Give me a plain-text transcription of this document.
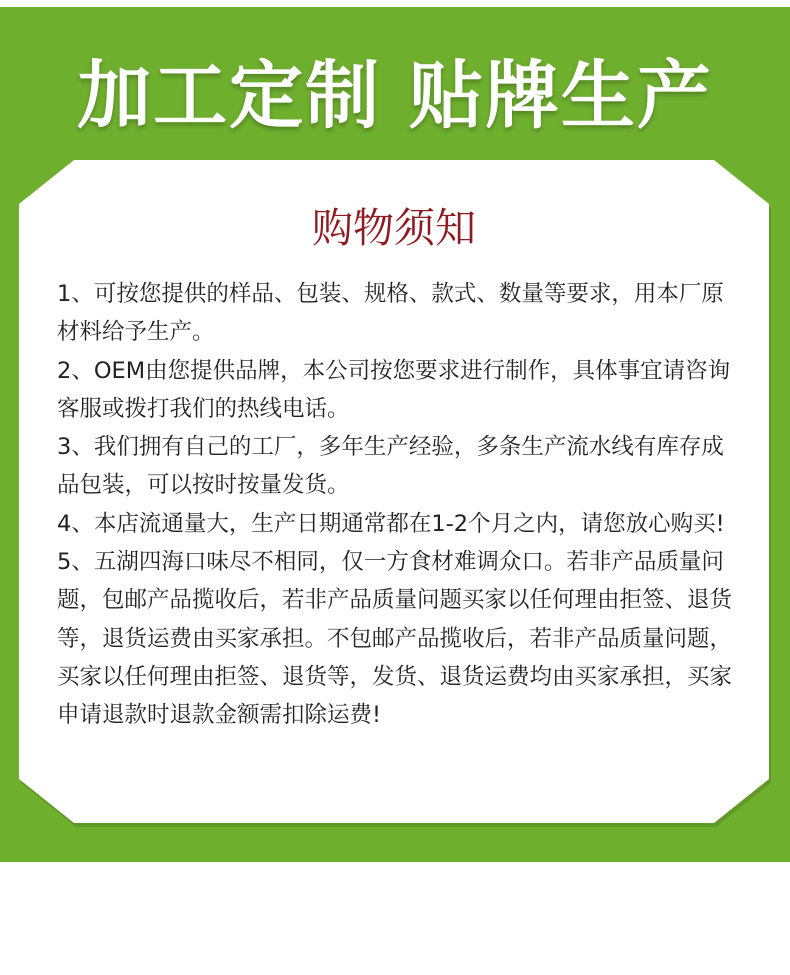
加工定制 贴牌生产
购物须知

1、可按您提供的样品、包装、规格、款式、数量等要求，用本厂原材料给予生产。

2、OEM由您提供品牌，本公司按您要求进行制作，具体事宜请咨询客服或拨打我们的热线电话。

3、我们拥有自己的工厂，多年生产经验，多条生产流水线有库存成品包装，可以按时按量发货。

4、本店流通量大，生产日期通常都在1-2个月之内，请您放心购买!

5、五湖四海口味尽不相同，仅一方食材难调众口。若非产品质量问题，包邮产品揽收后，若非产品质量问题买家以任何理由拒签、退货等，退货运费由买家承担。不包邮产品揽收后，若非产品质量问题，买家以任何理由拒签、退货等，发货、退货运费均由买家承担，买家申请退款时退款金额需扣除运费!
